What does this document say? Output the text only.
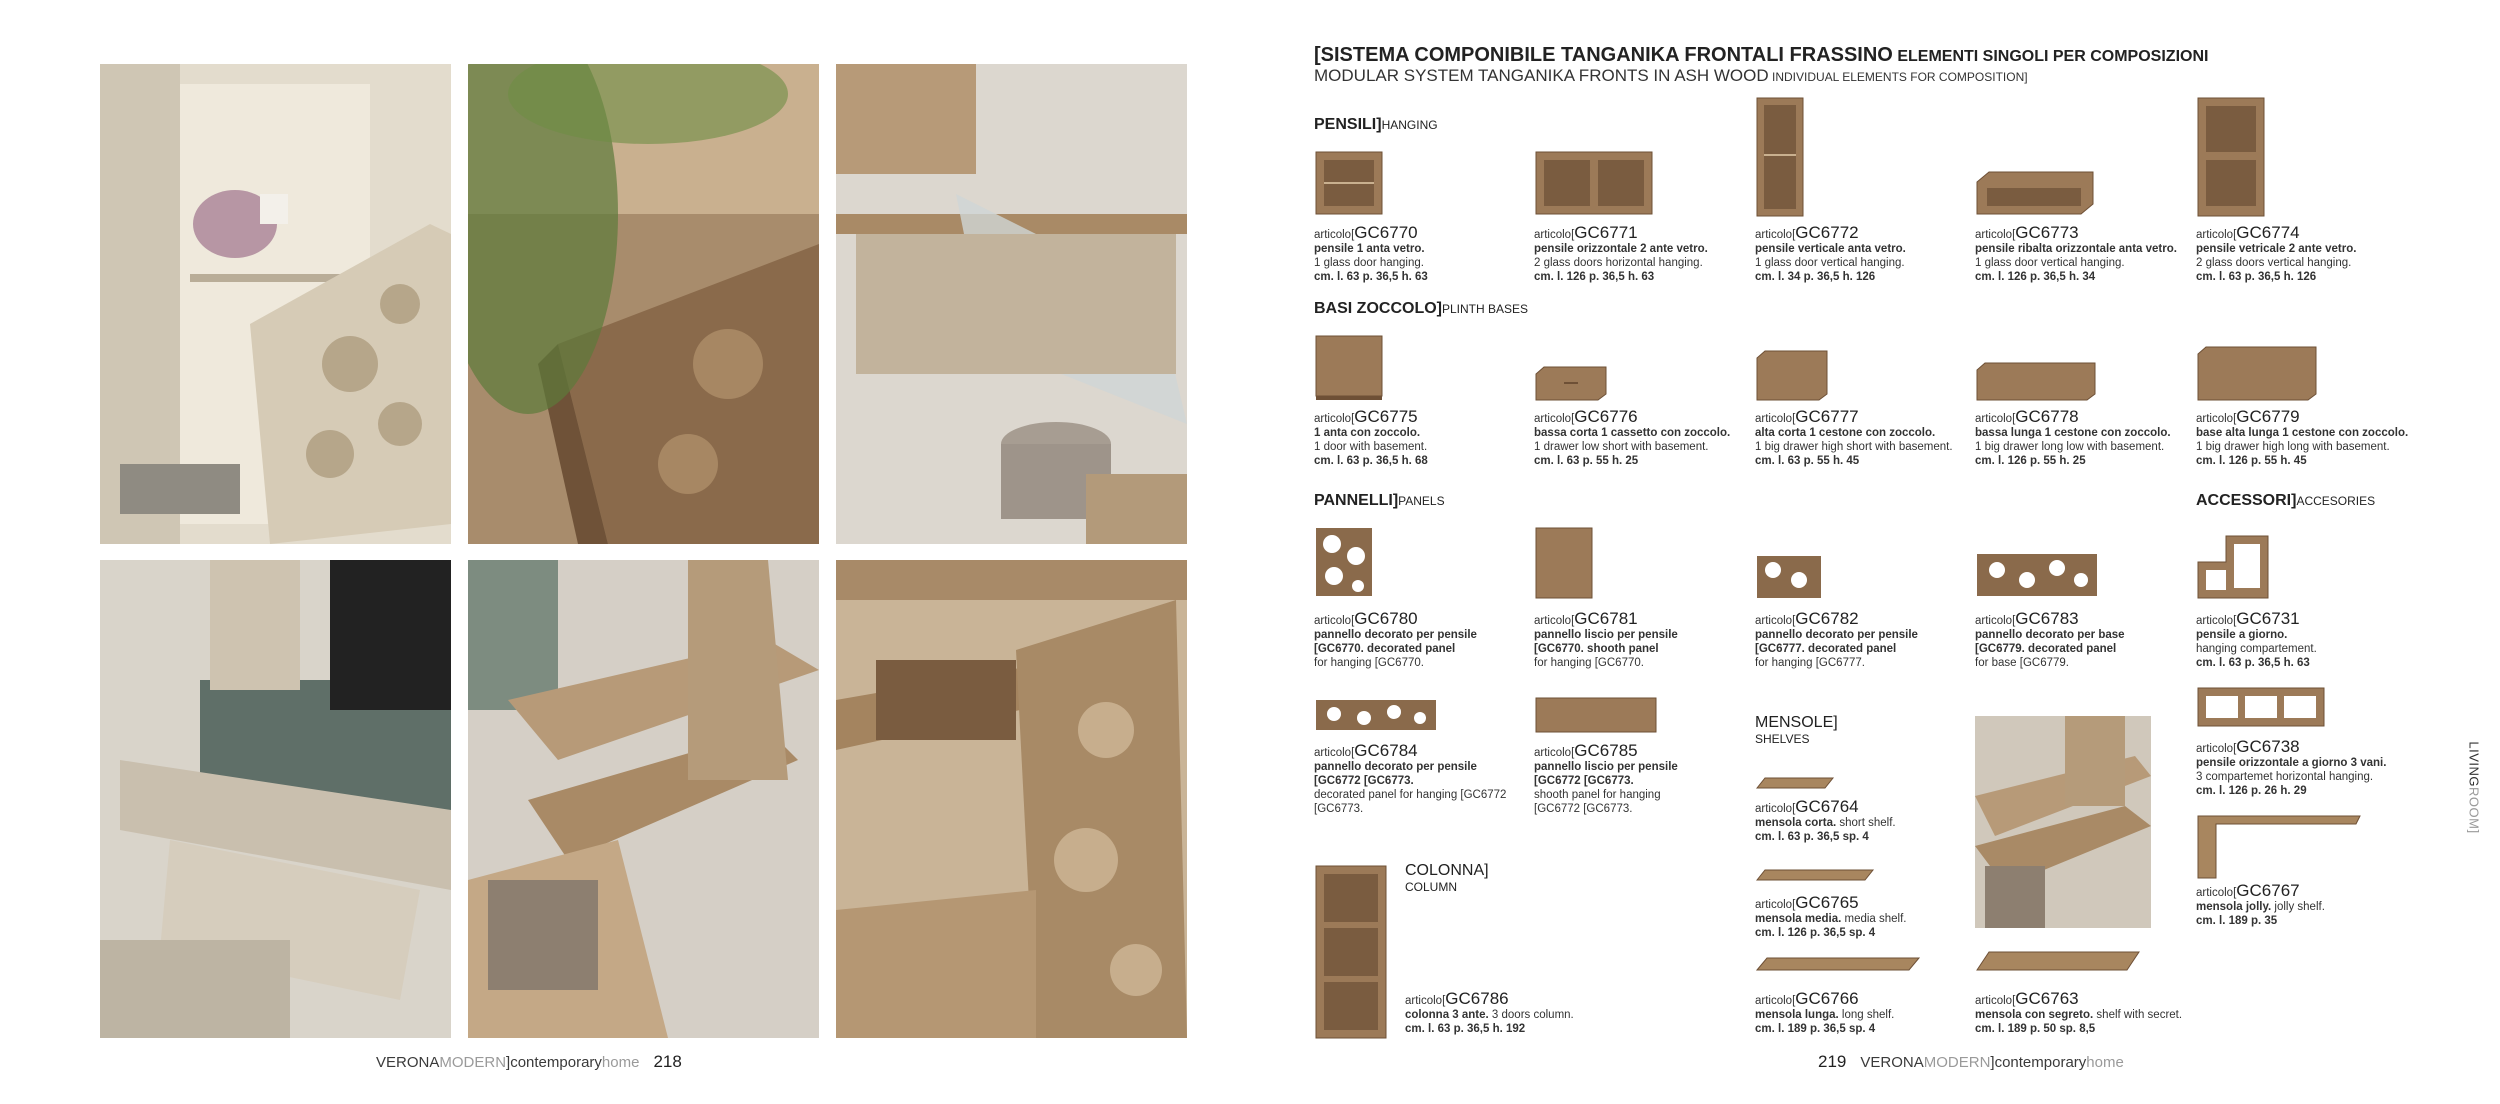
VERONAMODERN]contemporaryhome 218
[SISTEMA COMPONIBILE TANGANIKA FRONTALI FRASSINO ELEMENTI SINGOLI PER COMPOSIZIONI
MODULAR SYSTEM TANGANIKA FRONTS IN ASH WOOD INDIVIDUAL ELEMENTS FOR COMPOSITION]
PENSILI]HANGING
BASI ZOCCOLO]PLINTH BASES
PANNELLI]PANELS	ACCESSORI]ACCESORIES
MENSOLE]
SHELVES
COLONNA]
COLUMN
articolo[GC6770
pensile 1 anta vetro.
1 glass door hanging.
cm. l. 63 p. 36,5 h. 63
articolo[GC6771
pensile orizzontale 2 ante vetro.
2 glass doors horizontal hanging.
cm. l. 126 p. 36,5 h. 63
articolo[GC6772
pensile verticale anta vetro.
1 glass door vertical hanging.
cm. l. 34 p. 36,5 h. 126
articolo[GC6773
pensile ribalta orizzontale anta vetro.
1 glass door vertical hanging.
cm. l. 126 p. 36,5 h. 34
articolo[GC6774
pensile vetricale 2 ante vetro.
2 glass doors vertical hanging.
cm. l. 63 p. 36,5 h. 126
articolo[GC6775
1 anta con zoccolo.
1 door with basement.
cm. l. 63 p. 36,5 h. 68
articolo[GC6776
bassa corta 1 cassetto con zoccolo.
1 drawer low short with basement.
cm. l. 63 p. 55 h. 25
articolo[GC6777
alta corta 1 cestone con zoccolo.
1 big drawer high short with basement.
cm. l. 63 p. 55 h. 45
articolo[GC6778
bassa lunga 1 cestone con zoccolo.
1 big drawer long low with basement.
cm. l. 126 p. 55 h. 25
articolo[GC6779
base alta lunga 1 cestone con zoccolo.
1 big drawer high long with basement.
cm. l. 126 p. 55 h. 45
articolo[GC6780
pannello decorato per pensile
[GC6770. decorated panel
for hanging [GC6770.
articolo[GC6781
pannello liscio per pensile
[GC6770. shooth panel
for hanging [GC6770.
articolo[GC6782
pannello decorato per pensile
[GC6777. decorated panel
for hanging [GC6777.
articolo[GC6783
pannello decorato per base
[GC6779. decorated panel
for base [GC6779.
articolo[GC6731
pensile a giorno.
hanging compartement.
cm. l. 63 p. 36,5 h. 63
articolo[GC6784
pannello decorato per pensile
[GC6772 [GC6773.
decorated panel for hanging [GC6772
[GC6773.
articolo[GC6785
pannello liscio per pensile
[GC6772 [GC6773.
shooth panel for hanging
[GC6772 [GC6773.
articolo[GC6738
pensile orizzontale a giorno 3 vani.
3 compartemet horizontal hanging.
cm. l. 126 p. 26 h. 29
articolo[GC6764
mensola corta. short shelf.
cm. l. 63 p. 36,5 sp. 4
articolo[GC6767
mensola jolly. jolly shelf.
cm. l. 189 p. 35
articolo[GC6765
mensola media. media shelf.
cm. l. 126 p. 36,5 sp. 4
articolo[GC6786
colonna 3 ante. 3 doors column.
cm. l. 63 p. 36,5 h. 192
articolo[GC6766
mensola lunga. long shelf.
cm. l. 189 p. 36,5 sp. 4
articolo[GC6763
mensola con segreto. shelf with secret.
cm. l. 189 p. 50 sp. 8,5
219 VERONAMODERN]contemporaryhome
LIVINGROOM]
